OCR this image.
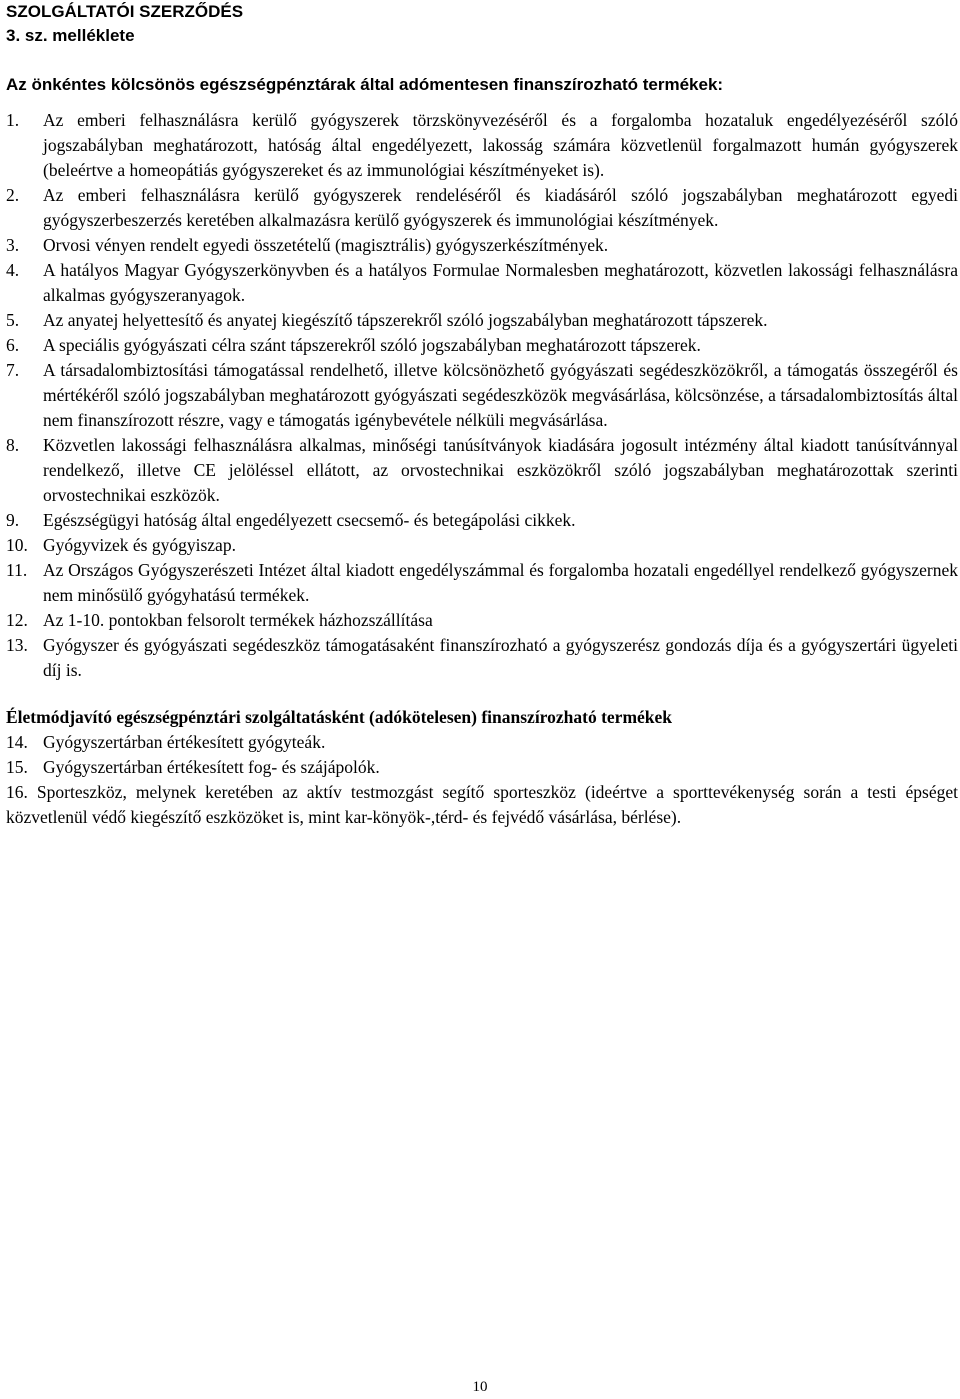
SZOLGÁLTATÓI SZERZŐDÉS
3. sz. melléklete
Az önkéntes kölcsönös egészségpénztárak által adómentesen finanszírozható termékek:
1.	Az emberi felhasználásra kerülő gyógyszerek törzskönyvezéséről és a forgalomba hozataluk engedélyezéséről szóló jogszabályban meghatározott, hatóság által engedélyezett, lakosság számára közvetlenül forgalmazott humán gyógyszerek (beleértve a homeopátiás gyógyszereket és az immunológiai készítményeket is).
2.	Az emberi felhasználásra kerülő gyógyszerek rendeléséről és kiadásáról szóló jogszabályban meghatározott egyedi gyógyszerbeszerzés keretében alkalmazásra kerülő gyógyszerek és immunológiai készítmények.
3.	Orvosi vényen rendelt egyedi összetételű (magisztrális) gyógyszerkészítmények.
4.	A hatályos Magyar Gyógyszerkönyvben és a hatályos Formulae Normalesben meghatározott, közvetlen lakossági felhasználásra alkalmas gyógyszeranyagok.
5.	Az anyatej helyettesítő és anyatej kiegészítő tápszerekről szóló jogszabályban meghatározott tápszerek.
6.	A speciális gyógyászati célra szánt tápszerekről szóló jogszabályban meghatározott tápszerek.
7.	A társadalombiztosítási támogatással rendelhető, illetve kölcsönözhető gyógyászati segédeszközökről, a támogatás összegéről és mértékéről szóló jogszabályban meghatározott gyógyászati segédeszközök megvásárlása, kölcsönzése, a társadalombiztosítás által nem finanszírozott részre, vagy e támogatás igénybevétele nélküli megvásárlása.
8.	Közvetlen lakossági felhasználásra alkalmas, minőségi tanúsítványok kiadására jogosult intézmény által kiadott tanúsítvánnyal rendelkező, illetve CE jelöléssel ellátott, az orvostechnikai eszközökről szóló jogszabályban meghatározottak szerinti orvostechnikai eszközök.
9.	Egészségügyi hatóság által engedélyezett csecsemő- és betegápolási cikkek.
10. Gyógyvizek és gyógyiszap.
11. Az Országos Gyógyszerészeti Intézet által kiadott engedélyszámmal és forgalomba hozatali engedéllyel rendelkező gyógyszernek nem minősülő gyógyhatású termékek.
12. Az 1-10. pontokban felsorolt termékek házhozszállítása
13. Gyógyszer és gyógyászati segédeszköz támogatásaként finanszírozható a gyógyszerész gondozás díja és a gyógyszertári ügyeleti díj is.
Életmódjavító egészségpénztári szolgáltatásként (adókötelesen) finanszírozható termékek
14. Gyógyszertárban értékesített gyógyteák.
15. Gyógyszertárban értékesített fog- és szájápolók.
16. Sporteszköz, melynek keretében az aktív testmozgást segítő sporteszköz (ideértve a sporttevékenység során a testi épséget közvetlenül védő kiegészítő eszközöket is, mint kar-könyök-,térd- és fejvédő vásárlása, bérlése).
10
